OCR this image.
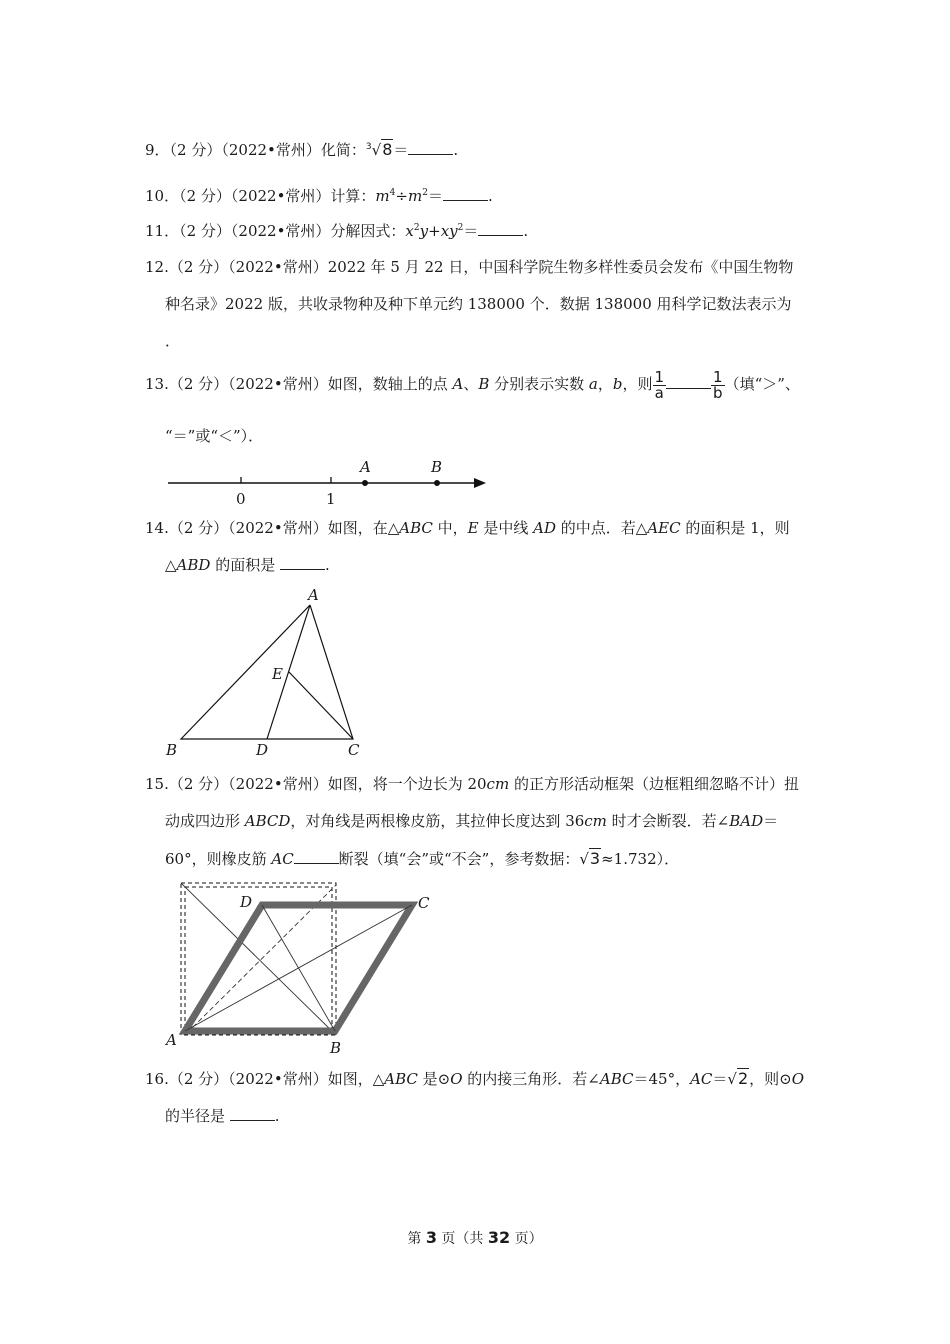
9．（2 分）（2022•常州）化简：$^3$√8＝	.
10．（2 分）（2022•常州）计算：$m^4\div m^2=$	.
11．（2 分）（2022•常州）分解因式：$x^2y+xy^2=$	.
12.（2 分）（2022•常州）2022 年 5 月 22 日，中国科学院生物多样性委员会发布《中国生物物
种名录》2022 版，共收录物种及种下单元约 138000 个．数据 138000 用科学记数法表示为
．
13.（2 分）（2022•常州）如图，数轴上的点 A、B 分别表示实数 a，b，则 $\frac{1}{a}$	$\frac{1}{b}$ （填“＞”、
“＝”或“＜”）．
0	1
A	B
14.（2 分）（2022•常州）如图，在△ABC 中，E 是中线 AD 的中点．若△AEC 的面积是 1，则
△ABD 的面积是	.
A
B	C
D
E
15.（2 分）（2022•常州）如图，将一个边长为 20cm 的正方形活动框架（边框粗细忽略不计）扭
动成四边形 ABCD，对角线是两根橡皮筋，其拉伸长度达到 36cm 时才会断裂．若∠BAD＝
60°，则橡皮筋 AC	断裂（填“会”或“不会”，参考数据：√3≈1.732）．
A	B
C
D
16.（2 分）（2022•常州）如图，△ABC 是⊙O 的内接三角形．若∠ABC＝45°，AC＝√2，则⊙O
的半径是	.
第 3 页（共 32 页）
